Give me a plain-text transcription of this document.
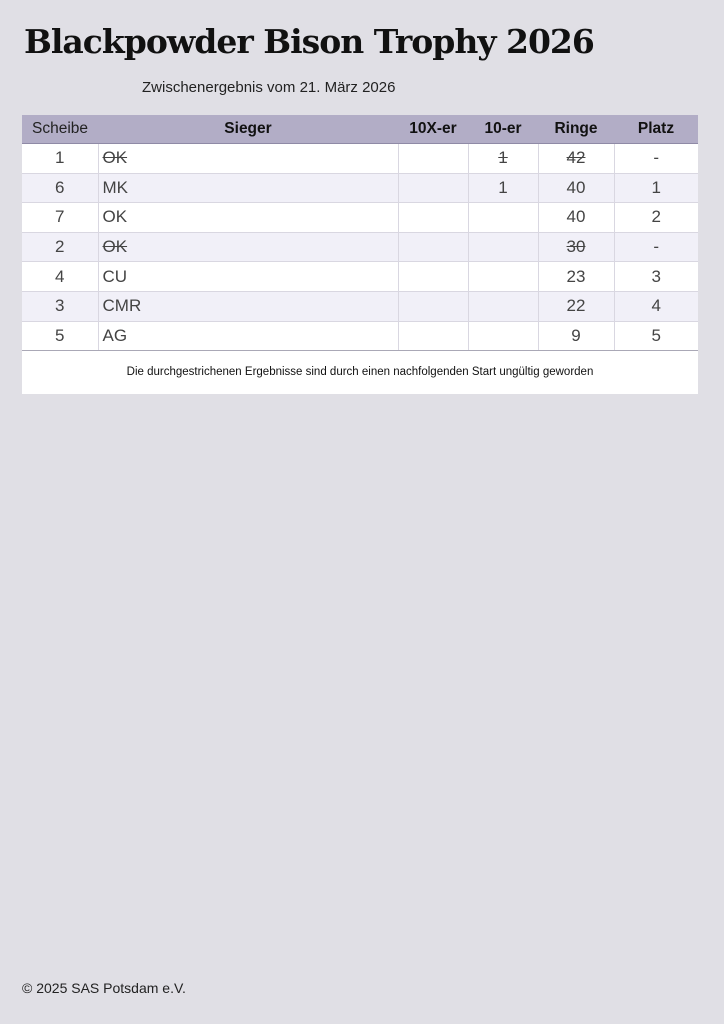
Blackpowder Bison Trophy 2026
Zwischenergebnis vom 21. März 2026
Scheibe	Sieger	10X-er	10-er	Ringe	Platz
1	OK		1	42	-
6	MK		1	40	1
7	OK			40	2
2	OK			30	-
4	CU			23	3
3	CMR			22	4
5	AG			9	5
Die durchgestrichenen Ergebnisse sind durch einen nachfolgenden Start ungültig geworden
© 2025 SAS Potsdam e.V.
